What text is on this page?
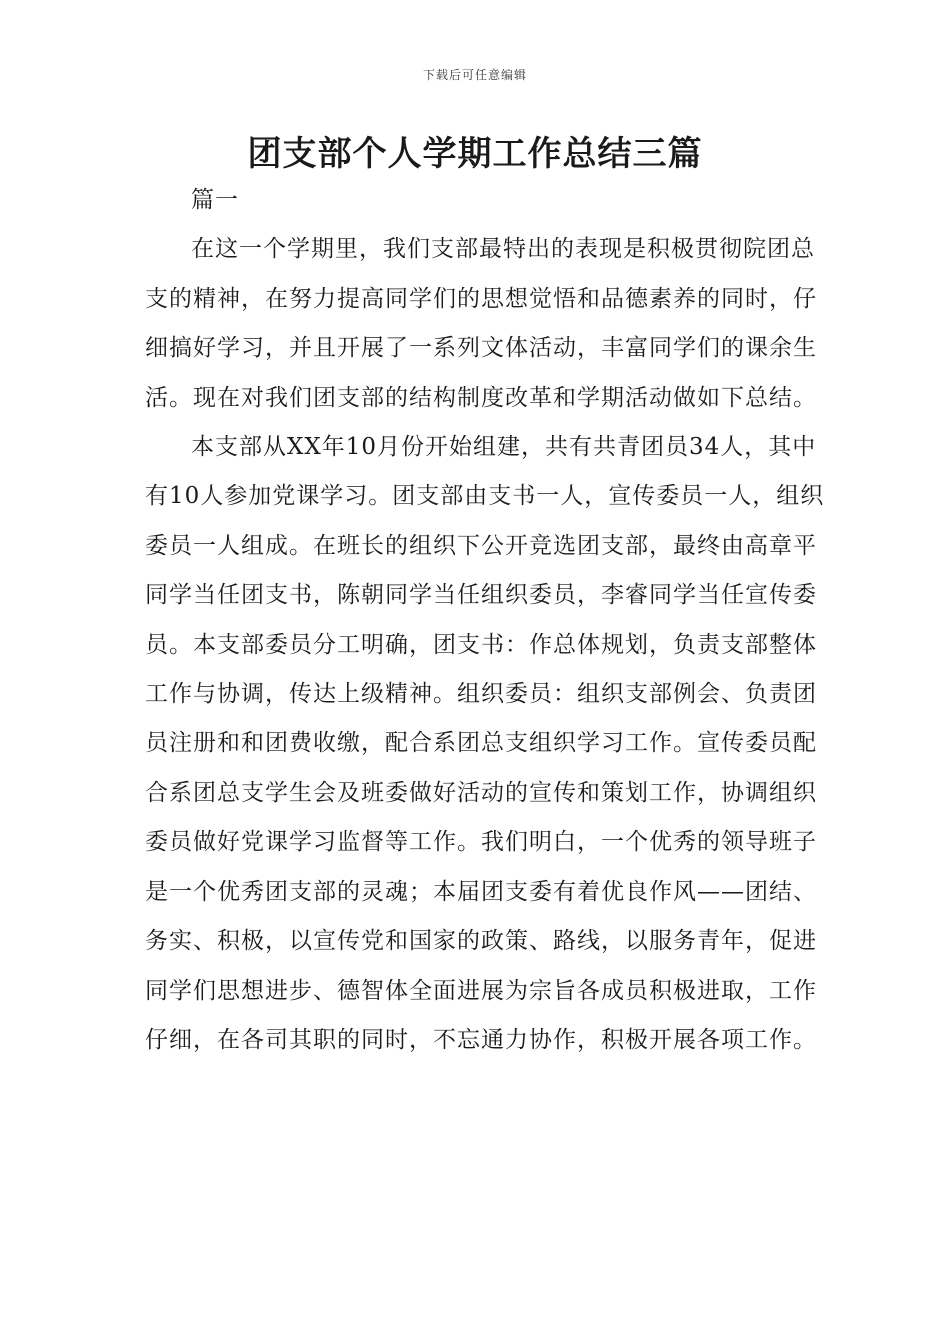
下载后可任意编辑
团支部个人学期工作总结三篇
篇一

在这一个学期里，我们支部最特出的表现是积极贯彻院团总支的精神，在努力提高同学们的思想觉悟和品德素养的同时，仔细搞好学习，并且开展了一系列文体活动，丰富同学们的课余生活。现在对我们团支部的结构制度改革和学期活动做如下总结。

本支部从XX年10月份开始组建，共有共青团员34人，其中有10人参加党课学习。团支部由支书一人，宣传委员一人，组织委员一人组成。在班长的组织下公开竞选团支部，最终由高章平同学当任团支书，陈朝同学当任组织委员，李睿同学当任宣传委员。本支部委员分工明确，团支书：作总体规划，负责支部整体工作与协调，传达上级精神。组织委员：组织支部例会、负责团员注册和和团费收缴，配合系团总支组织学习工作。宣传委员配合系团总支学生会及班委做好活动的宣传和策划工作，协调组织委员做好党课学习监督等工作。我们明白，一个优秀的领导班子是一个优秀团支部的灵魂；本届团支委有着优良作风——团结、务实、积极，以宣传党和国家的政策、路线，以服务青年，促进同学们思想进步、德智体全面进展为宗旨各成员积极进取，工作仔细，在各司其职的同时，不忘通力协作，积极开展各项工作。
